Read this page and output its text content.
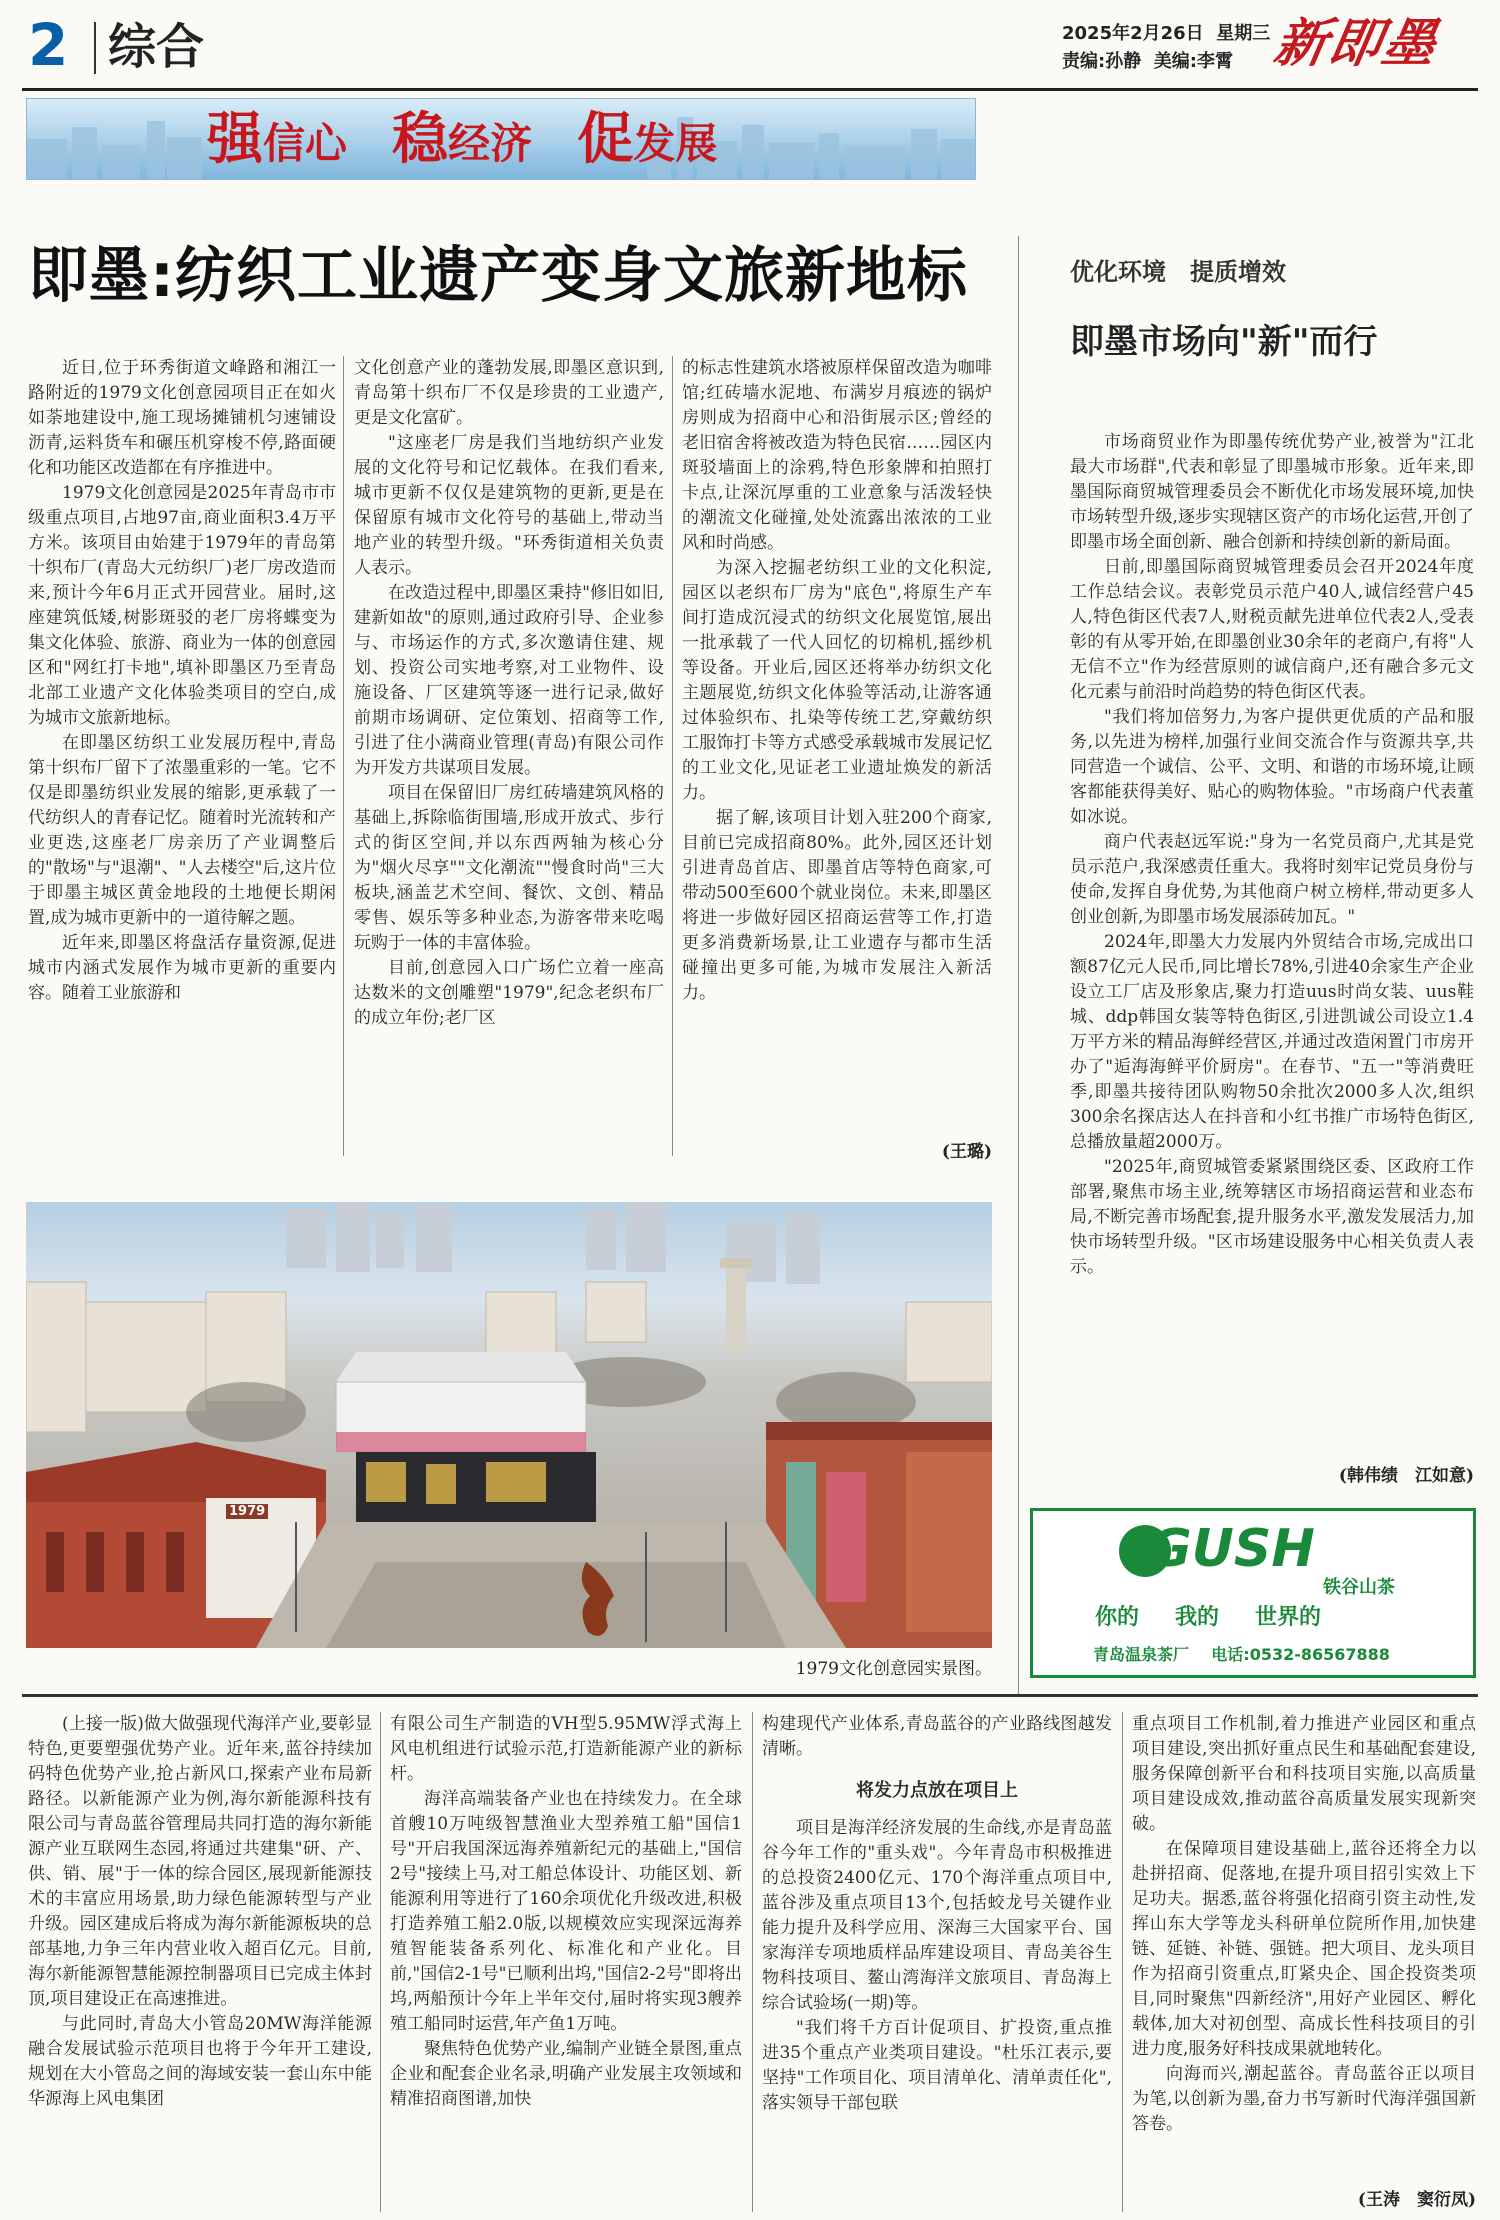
2 综合	2025年2月26日 星期三
责编:孙静 美编:李霄 新即墨
强信心 稳经济 促发展
即墨:纺织工业遗产变身文旅新地标

近日,位于环秀街道文峰路和湘江一路附近的1979文化创意园项目正在如火如荼地建设中,施工现场摊铺机匀速铺设沥青,运料货车和碾压机穿梭不停,路面硬化和功能区改造都在有序推进中。

1979文化创意园是2025年青岛市市级重点项目,占地97亩,商业面积3.4万平方米。该项目由始建于1979年的青岛第十织布厂(青岛大元纺织厂)老厂房改造而来,预计今年6月正式开园营业。届时,这座建筑低矮,树影斑驳的老厂房将蝶变为集文化体验、旅游、商业为一体的创意园区和"网红打卡地",填补即墨区乃至青岛北部工业遗产文化体验类项目的空白,成为城市文旅新地标。

在即墨区纺织工业发展历程中,青岛第十织布厂留下了浓墨重彩的一笔。它不仅是即墨纺织业发展的缩影,更承载了一代纺织人的青春记忆。随着时光流转和产业更迭,这座老厂房亲历了产业调整后的"散场"与"退潮"、"人去楼空"后,这片位于即墨主城区黄金地段的土地便长期闲置,成为城市更新中的一道待解之题。

近年来,即墨区将盘活存量资源,促进城市内涵式发展作为城市更新的重要内容。随着工业旅游和

文化创意产业的蓬勃发展,即墨区意识到,青岛第十织布厂不仅是珍贵的工业遗产,更是文化富矿。

"这座老厂房是我们当地纺织产业发展的文化符号和记忆载体。在我们看来,城市更新不仅仅是建筑物的更新,更是在保留原有城市文化符号的基础上,带动当地产业的转型升级。"环秀街道相关负责人表示。

在改造过程中,即墨区秉持"修旧如旧,建新如故"的原则,通过政府引导、企业参与、市场运作的方式,多次邀请住建、规划、投资公司实地考察,对工业物件、设施设备、厂区建筑等逐一进行记录,做好前期市场调研、定位策划、招商等工作,引进了住小满商业管理(青岛)有限公司作为开发方共谋项目发展。

项目在保留旧厂房红砖墙建筑风格的基础上,拆除临街围墙,形成开放式、步行式的街区空间,并以东西两轴为核心分为"烟火尽享""文化潮流""慢食时尚"三大板块,涵盖艺术空间、餐饮、文创、精品零售、娱乐等多种业态,为游客带来吃喝玩购于一体的丰富体验。

目前,创意园入口广场伫立着一座高达数米的文创雕塑"1979",纪念老织布厂的成立年份;老厂区

的标志性建筑水塔被原样保留改造为咖啡馆;红砖墙水泥地、布满岁月痕迹的锅炉房则成为招商中心和沿街展示区;曾经的老旧宿舍将被改造为特色民宿……园区内斑驳墙面上的涂鸦,特色形象牌和拍照打卡点,让深沉厚重的工业意象与活泼轻快的潮流文化碰撞,处处流露出浓浓的工业风和时尚感。

为深入挖掘老纺织工业的文化积淀,园区以老织布厂房为"底色",将原生产车间打造成沉浸式的纺织文化展览馆,展出一批承载了一代人回忆的切棉机,摇纱机等设备。开业后,园区还将举办纺织文化主题展览,纺织文化体验等活动,让游客通过体验织布、扎染等传统工艺,穿戴纺织工服饰打卡等方式感受承载城市发展记忆的工业文化,见证老工业遗址焕发的新活力。

据了解,该项目计划入驻200个商家,目前已完成招商80%。此外,园区还计划引进青岛首店、即墨首店等特色商家,可带动500至600个就业岗位。未来,即墨区将进一步做好园区招商运营等工作,打造更多消费新场景,让工业遗存与都市生活碰撞出更多可能,为城市发展注入新活力。

(王璐)
1979
1979文化创意园实景图。
优化环境　提质增效
即墨市场向"新"而行

市场商贸业作为即墨传统优势产业,被誉为"江北最大市场群",代表和彰显了即墨城市形象。近年来,即墨国际商贸城管理委员会不断优化市场发展环境,加快市场转型升级,逐步实现辖区资产的市场化运营,开创了即墨市场全面创新、融合创新和持续创新的新局面。

日前,即墨国际商贸城管理委员会召开2024年度工作总结会议。表彰党员示范户40人,诚信经营户45人,特色街区代表7人,财税贡献先进单位代表2人,受表彰的有从零开始,在即墨创业30余年的老商户,有将"人无信不立"作为经营原则的诚信商户,还有融合多元文化元素与前沿时尚趋势的特色街区代表。

"我们将加倍努力,为客户提供更优质的产品和服务,以先进为榜样,加强行业间交流合作与资源共享,共同营造一个诚信、公平、文明、和谐的市场环境,让顾客都能获得美好、贴心的购物体验。"市场商户代表董如冰说。

商户代表赵远军说:"身为一名党员商户,尤其是党员示范户,我深感责任重大。我将时刻牢记党员身份与使命,发挥自身优势,为其他商户树立榜样,带动更多人创业创新,为即墨市场发展添砖加瓦。"

2024年,即墨大力发展内外贸结合市场,完成出口额87亿元人民币,同比增长78%,引进40余家生产企业设立工厂店及形象店,聚力打造uus时尚女装、uus鞋城、ddp韩国女装等特色街区,引进凯诚公司设立1.4万平方米的精品海鲜经营区,并通过改造闲置门市房开办了"逅海海鲜平价厨房"。在春节、"五一"等消费旺季,即墨共接待团队购物50余批次2000多人次,组织300余名探店达人在抖音和小红书推广市场特色街区,总播放量超2000万。

"2025年,商贸城管委紧紧围绕区委、区政府工作部署,聚焦市场主业,统筹辖区市场招商运营和业态布局,不断完善市场配套,提升服务水平,激发发展活力,加快市场转型升级。"区市场建设服务中心相关负责人表示。

(韩伟绩　江如意)
GUSH
铁谷山茶
你的 我的 世界的
青岛温泉茶厂 电话:0532-86567888

(上接一版)做大做强现代海洋产业,要彰显特色,更要塑强优势产业。近年来,蓝谷持续加码特色优势产业,抢占新风口,探索产业布局新路径。以新能源产业为例,海尔新能源科技有限公司与青岛蓝谷管理局共同打造的海尔新能源产业互联网生态园,将通过共建集"研、产、供、销、展"于一体的综合园区,展现新能源技术的丰富应用场景,助力绿色能源转型与产业升级。园区建成后将成为海尔新能源板块的总部基地,力争三年内营业收入超百亿元。目前,海尔新能源智慧能源控制器项目已完成主体封顶,项目建设正在高速推进。

与此同时,青岛大小管岛20MW海洋能源融合发展试验示范项目也将于今年开工建设,规划在大小管岛之间的海域安装一套山东中能华源海上风电集团

有限公司生产制造的VH型5.95MW浮式海上风电机组进行试验示范,打造新能源产业的新标杆。

海洋高端装备产业也在持续发力。在全球首艘10万吨级智慧渔业大型养殖工船"国信1号"开启我国深远海养殖新纪元的基础上,"国信2号"接续上马,对工船总体设计、功能区划、新能源利用等进行了160余项优化升级改进,积极打造养殖工船2.0版,以规模效应实现深远海养殖智能装备系列化、标准化和产业化。目前,"国信2-1号"已顺利出坞,"国信2-2号"即将出坞,两船预计今年上半年交付,届时将实现3艘养殖工船同时运营,年产鱼1万吨。

聚焦特色优势产业,编制产业链全景图,重点企业和配套企业名录,明确产业发展主攻领域和精准招商图谱,加快

构建现代产业体系,青岛蓝谷的产业路线图越发清晰。

将发力点放在项目上

项目是海洋经济发展的生命线,亦是青岛蓝谷今年工作的"重头戏"。今年青岛市积极推进的总投资2400亿元、170个海洋重点项目中,蓝谷涉及重点项目13个,包括蛟龙号关键作业能力提升及科学应用、深海三大国家平台、国家海洋专项地质样品库建设项目、青岛美谷生物科技项目、鳌山湾海洋文旅项目、青岛海上综合试验场(一期)等。

"我们将千方百计促项目、扩投资,重点推进35个重点产业类项目建设。"杜乐江表示,要坚持"工作项目化、项目清单化、清单责任化",落实领导干部包联

重点项目工作机制,着力推进产业园区和重点项目建设,突出抓好重点民生和基础配套建设,服务保障创新平台和科技项目实施,以高质量项目建设成效,推动蓝谷高质量发展实现新突破。

在保障项目建设基础上,蓝谷还将全力以赴拼招商、促落地,在提升项目招引实效上下足功夫。据悉,蓝谷将强化招商引资主动性,发挥山东大学等龙头科研单位院所作用,加快建链、延链、补链、强链。把大项目、龙头项目作为招商引资重点,盯紧央企、国企投资类项目,同时聚焦"四新经济",用好产业园区、孵化载体,加大对初创型、高成长性科技项目的引进力度,服务好科技成果就地转化。

向海而兴,潮起蓝谷。青岛蓝谷正以项目为笔,以创新为墨,奋力书写新时代海洋强国新答卷。

(王涛　窦衍凤)
